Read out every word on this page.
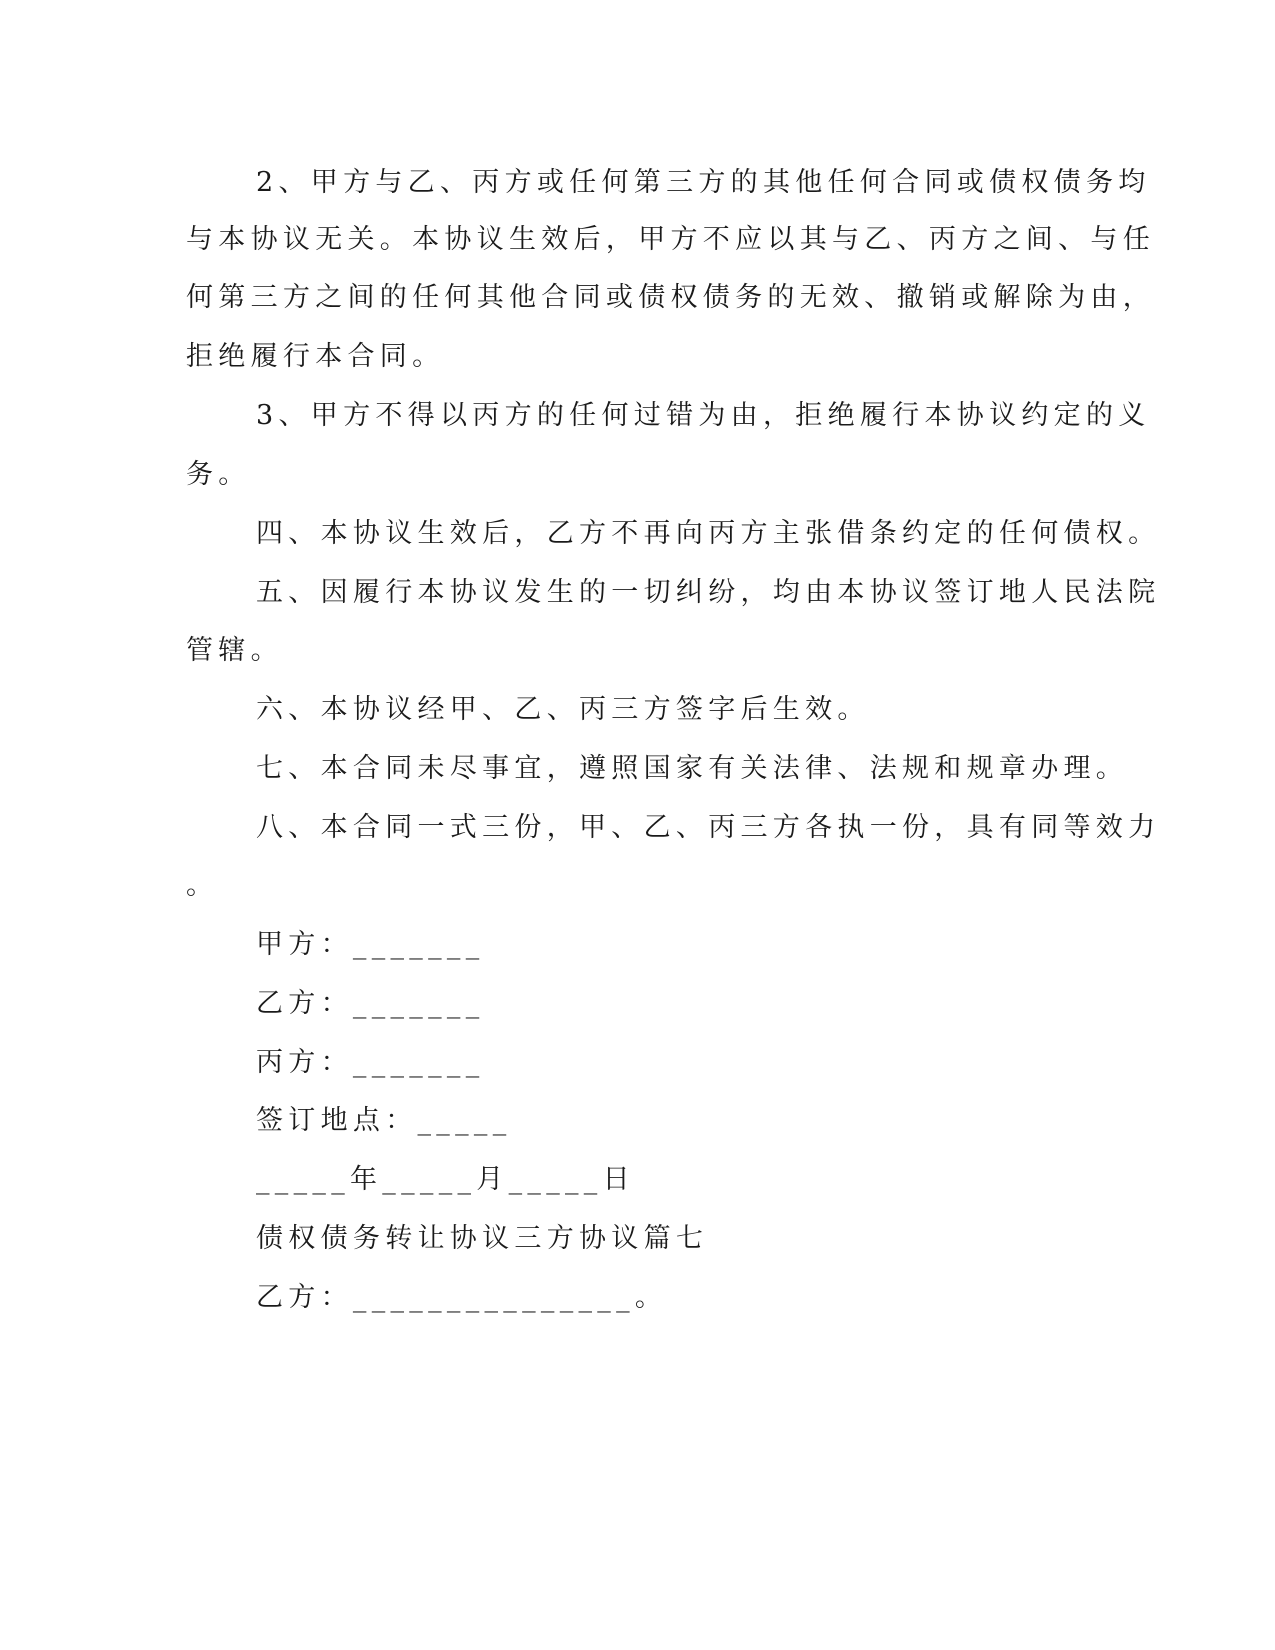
2、甲方与乙、丙方或任何第三方的其他任何合同或债权债务均
与本协议无关。本协议生效后，甲方不应以其与乙、丙方之间、与任
何第三方之间的任何其他合同或债权债务的无效、撤销或解除为由，
拒绝履行本合同。
3、甲方不得以丙方的任何过错为由，拒绝履行本协议约定的义
务。
四、本协议生效后，乙方不再向丙方主张借条约定的任何债权。
五、因履行本协议发生的一切纠纷，均由本协议签订地人民法院
管辖。
六、本协议经甲、乙、丙三方签字后生效。
七、本合同未尽事宜，遵照国家有关法律、法规和规章办理。
八、本合同一式三份，甲、乙、丙三方各执一份，具有同等效力
。
甲方：_______
乙方：_______
丙方：_______
签订地点：_____
_____年_____月_____日
债权债务转让协议三方协议篇七
乙方：_______________。
